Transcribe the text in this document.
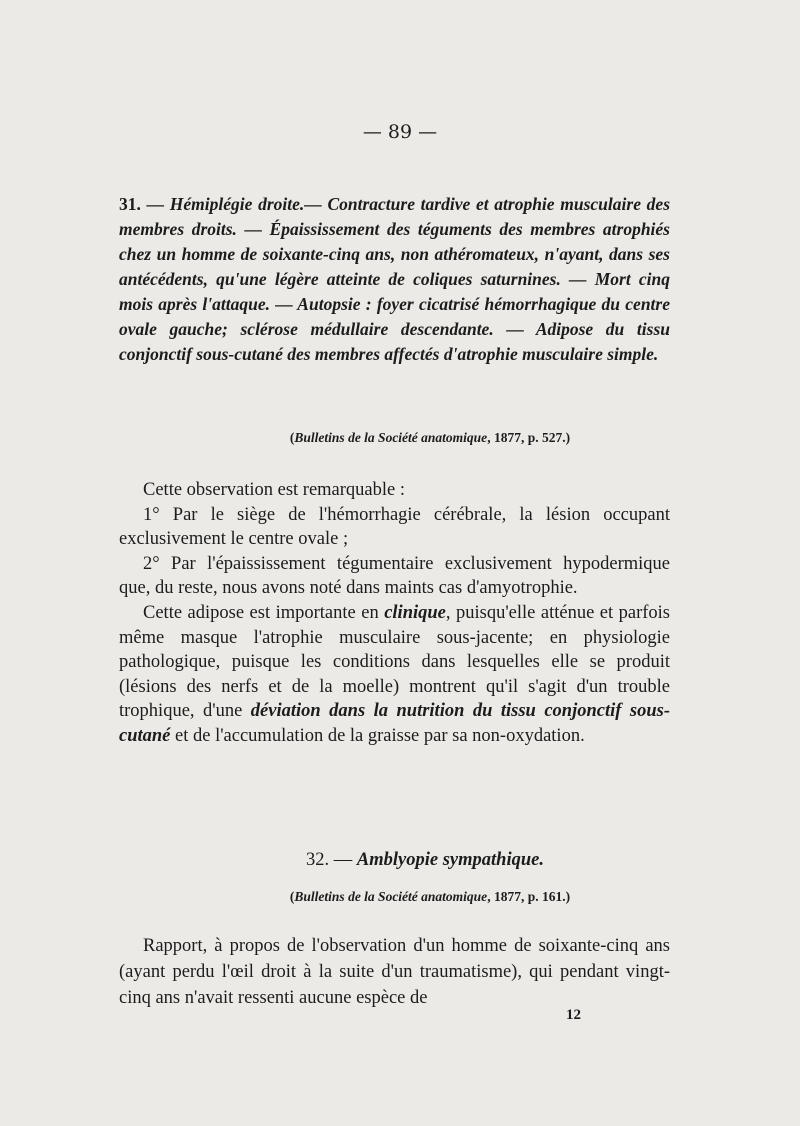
— 89 —
31. — Hémiplégie droite.— Contracture tardive et atrophie musculaire des membres droits. — Épaississement des téguments des membres atrophiés chez un homme de soixante-cinq ans, non athéromateux, n'ayant, dans ses antécédents, qu'une légère atteinte de coliques saturnines. — Mort cinq mois après l'attaque. — Autopsie : foyer cicatrisé hémorrhagique du centre ovale gauche; sclérose médullaire descendante. — Adipose du tissu conjonctif sous-cutané des membres affectés d'atrophie musculaire simple.
(Bulletins de la Société anatomique, 1877, p. 527.)

Cette observation est remarquable :

1° Par le siège de l'hémorrhagie cérébrale, la lésion occupant exclusivement le centre ovale ;

2° Par l'épaississement tégumentaire exclusivement hypodermique que, du reste, nous avons noté dans maints cas d'amyotrophie.

Cette adipose est importante en clinique, puisqu'elle atténue et parfois même masque l'atrophie musculaire sous-jacente; en physiologie pathologique, puisque les conditions dans lesquelles elle se produit (lésions des nerfs et de la moelle) montrent qu'il s'agit d'un trouble trophique, d'une déviation dans la nutrition du tissu conjonctif sous-cutané et de l'accumulation de la graisse par sa non-oxydation.

32. — Amblyopie sympathique.
(Bulletins de la Société anatomique, 1877, p. 161.)

Rapport, à propos de l'observation d'un homme de soixante-cinq ans (ayant perdu l'œil droit à la suite d'un traumatisme), qui pendant vingt-cinq ans n'avait ressenti aucune espèce de

12
